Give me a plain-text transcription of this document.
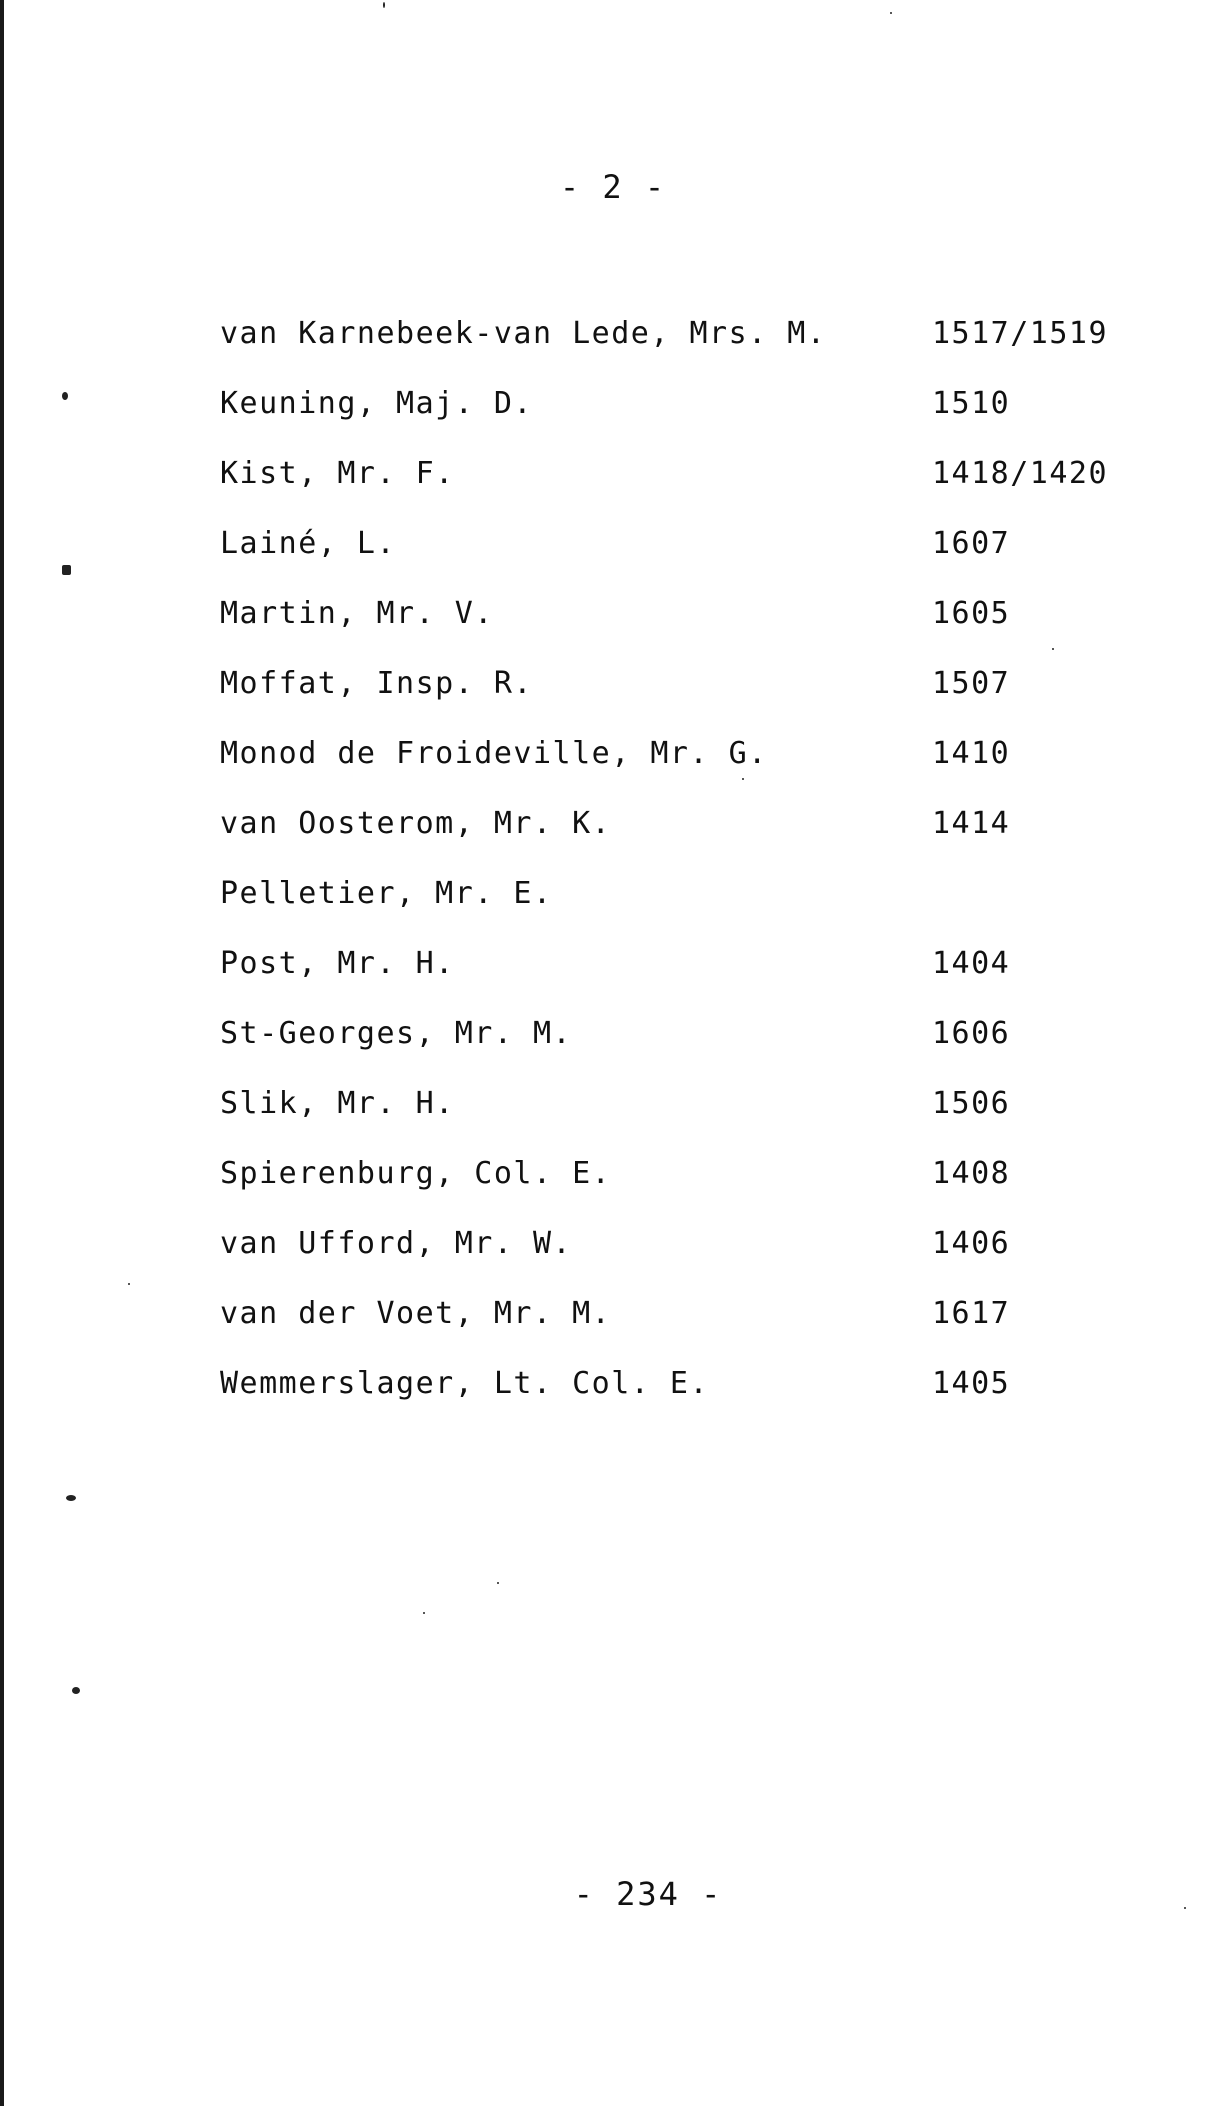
- 2 -
van Karnebeek-van Lede, Mrs. M.	1517/1519
Keuning, Maj. D.	1510
Kist, Mr. F.	1418/1420
Lainé, L.	1607
Martin, Mr. V.	1605
Moffat, Insp. R.	1507
Monod de Froideville, Mr. G.	1410
van Oosterom, Mr. K.	1414
Pelletier, Mr. E.
Post, Mr. H.	1404
St-Georges, Mr. M.	1606
Slik, Mr. H.	1506
Spierenburg, Col. E.	1408
van Ufford, Mr. W.	1406
van der Voet, Mr. M.	1617
Wemmerslager, Lt. Col. E.	1405
- 234 -
